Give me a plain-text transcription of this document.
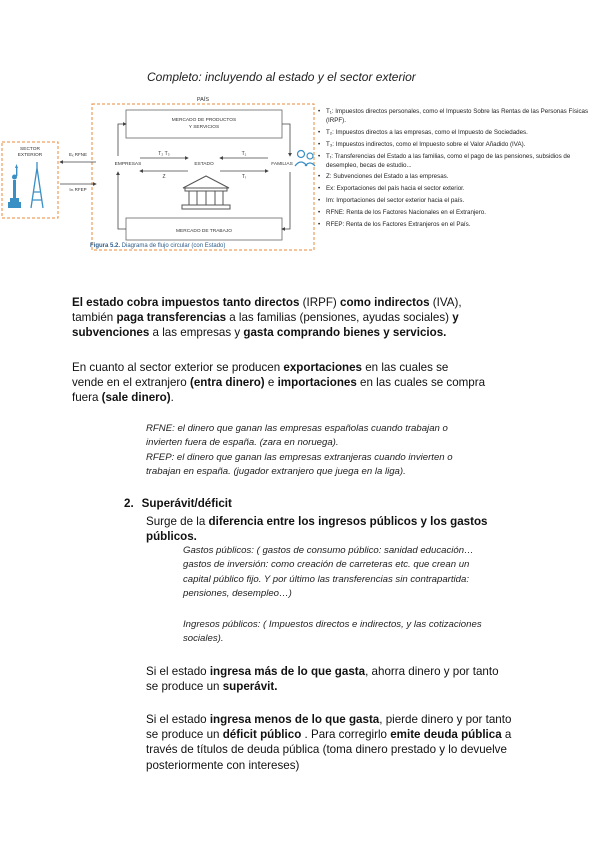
Completo: incluyendo al estado y el sector exterior
PAÍS
SECTOR
EXTERIOR
MERCADO DE PRODUCTOS
Y SERVICIOS
MERCADO DE TRABAJO
EMPRESAS	ESTADO	FAMILIAS
T₂ T₃
Z
T₁
Tᵣ
Eₓ RFNE
Iₘ RFEP
Figura 5.2. Diagrama de flujo circular (con Estado)
• T₁: Impuestos directos personales, como el Impuesto Sobre las Rentas de las Personas Físicas (IRPF).
• T₂: Impuestos directos a las empresas, como el Impuesto de Sociedades.
• T₃: Impuestos indirectos, como el Impuesto sobre el Valor Añadido (IVA).
• Tᵣ: Transferencias del Estado a las familias, como el pago de las pensiones, subsidios de desempleo, becas de estudio...
• Z: Subvenciones del Estado a las empresas.
• Ex: Exportaciones del país hacia el sector exterior.
• Im: Importaciones del sector exterior hacia el país.
• RFNE: Renta de los Factores Nacionales en el Extranjero.
• RFEP: Renta de los Factores Extranjeros en el País.
El estado cobra impuestos tanto directos (IRPF) como indirectos (IVA),
también paga transferencias a las familias (pensiones, ayudas sociales) y
subvenciones a las empresas y gasta comprando bienes y servicios.
En cuanto al sector exterior se producen exportaciones en las cuales se
vende en el extranjero (entra dinero) e importaciones en las cuales se compra
fuera (sale dinero).
RFNE: el dinero que ganan las empresas españolas cuando trabajan o
invierten fuera de españa. (zara en noruega).
RFEP: el dinero que ganan las empresas extranjeras cuando invierten o
trabajan en españa. (jugador extranjero que juega en la liga).
2. Superávit/déficit
Surge de la diferencia entre los ingresos públicos y los gastos
públicos.
Gastos públicos: ( gastos de consumo público: sanidad educación…
gastos de inversión: como creación de carreteras etc. que crean un
capital público fijo. Y por último las transferencias sin contrapartida:
pensiones, desempleo…)
Ingresos públicos: ( Impuestos directos e indirectos, y las cotizaciones
sociales).
Si el estado ingresa más de lo que gasta, ahorra dinero y por tanto
se produce un superávit.
Si el estado ingresa menos de lo que gasta, pierde dinero y por tanto
se produce un déficit público . Para corregirlo emite deuda pública a
través de títulos de deuda pública (toma dinero prestado y lo devuelve
posteriormente con intereses)
